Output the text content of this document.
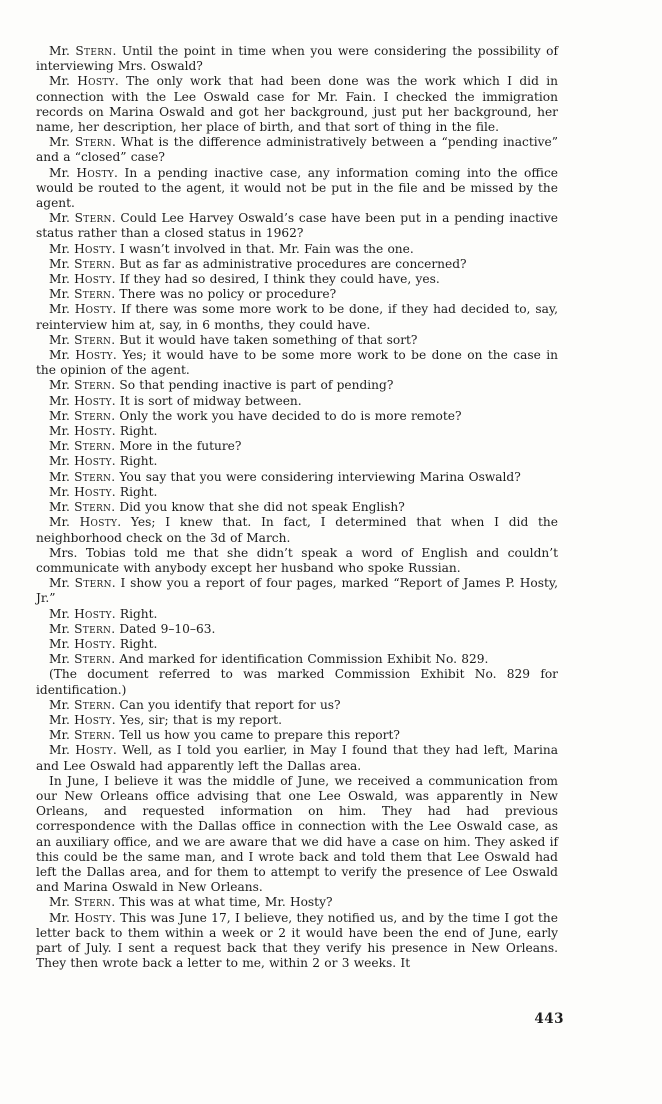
Mr. Stern. Until the point in time when you were considering the possibility of interviewing Mrs. Oswald?

Mr. Hosty. The only work that had been done was the work which I did in connection with the Lee Oswald case for Mr. Fain. I checked the immigration records on Marina Oswald and got her background, just put her background, her name, her description, her place of birth, and that sort of thing in the file.

Mr. Stern. What is the difference administratively between a “pending inactive” and a “closed” case?

Mr. Hosty. In a pending inactive case, any information coming into the office would be routed to the agent, it would not be put in the file and be missed by the agent.

Mr. Stern. Could Lee Harvey Oswald’s case have been put in a pending inactive status rather than a closed status in 1962?

Mr. Hosty. I wasn’t involved in that. Mr. Fain was the one.

Mr. Stern. But as far as administrative procedures are concerned?

Mr. Hosty. If they had so desired, I think they could have, yes.

Mr. Stern. There was no policy or procedure?

Mr. Hosty. If there was some more work to be done, if they had decided to, say, reinterview him at, say, in 6 months, they could have.

Mr. Stern. But it would have taken something of that sort?

Mr. Hosty. Yes; it would have to be some more work to be done on the case in the opinion of the agent.

Mr. Stern. So that pending inactive is part of pending?

Mr. Hosty. It is sort of midway between.

Mr. Stern. Only the work you have decided to do is more remote?

Mr. Hosty. Right.

Mr. Stern. More in the future?

Mr. Hosty. Right.

Mr. Stern. You say that you were considering interviewing Marina Oswald?

Mr. Hosty. Right.

Mr. Stern. Did you know that she did not speak English?

Mr. Hosty. Yes; I knew that. In fact, I determined that when I did the neighborhood check on the 3d of March.

Mrs. Tobias told me that she didn’t speak a word of English and couldn’t communicate with anybody except her husband who spoke Russian.

Mr. Stern. I show you a report of four pages, marked “Report of James P. Hosty, Jr.”

Mr. Hosty. Right.

Mr. Stern. Dated 9–10–63.

Mr. Hosty. Right.

Mr. Stern. And marked for identification Commission Exhibit No. 829.

(The document referred to was marked Commission Exhibit No. 829 for identification.)

Mr. Stern. Can you identify that report for us?

Mr. Hosty. Yes, sir; that is my report.

Mr. Stern. Tell us how you came to prepare this report?

Mr. Hosty. Well, as I told you earlier, in May I found that they had left, Marina and Lee Oswald had apparently left the Dallas area.

In June, I believe it was the middle of June, we received a communication from our New Orleans office advising that one Lee Oswald, was apparently in New Orleans, and requested information on him. They had had previous correspondence with the Dallas office in connection with the Lee Oswald case, as an auxiliary office, and we are aware that we did have a case on him. They asked if this could be the same man, and I wrote back and told them that Lee Oswald had left the Dallas area, and for them to attempt to verify the presence of Lee Oswald and Marina Oswald in New Orleans.

Mr. Stern. This was at what time, Mr. Hosty?

Mr. Hosty. This was June 17, I believe, they notified us, and by the time I got the letter back to them within a week or 2 it would have been the end of June, early part of July. I sent a request back that they verify his presence in New Orleans. They then wrote back a letter to me, within 2 or 3 weeks. It

443
